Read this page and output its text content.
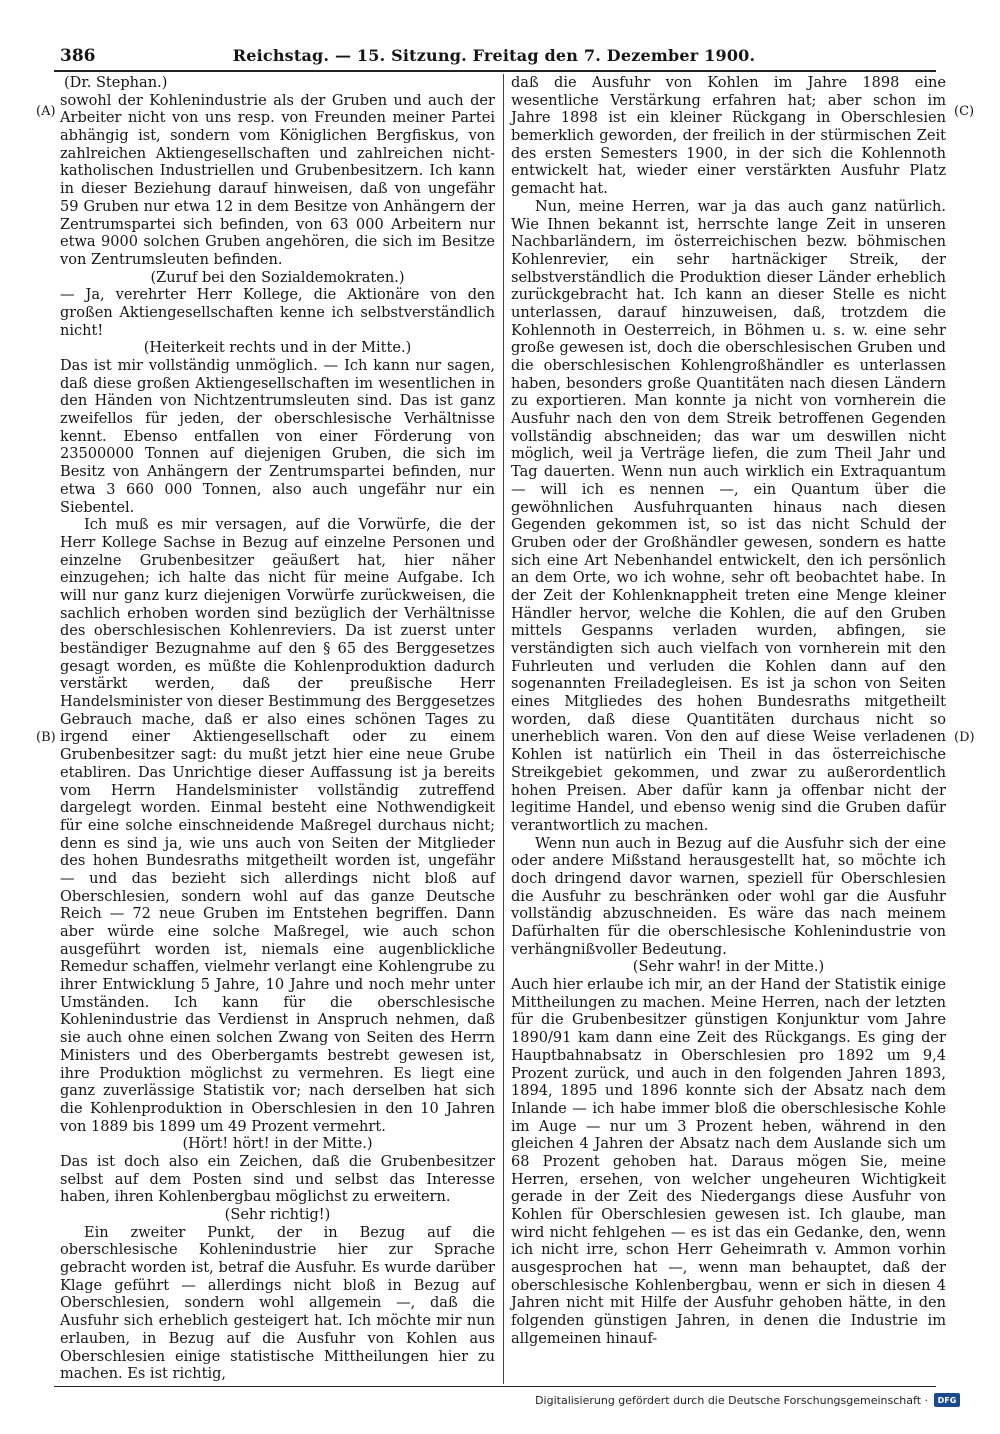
386	Reichstag. — 15. Sitzung. Freitag den 7. Dezember 1900.
(A)
(B)
(C)
(D)

(Dr. Stephan.)

sowohl der Kohlenindustrie als der Gruben und auch der Arbeiter nicht von uns resp. von Freunden meiner Partei abhängig ist, sondern vom Königlichen Bergfiskus, von zahlreichen Aktiengesellschaften und zahlreichen nicht-katholischen Industriellen und Grubenbesitzern. Ich kann in dieser Beziehung darauf hinweisen, daß von ungefähr 59 Gruben nur etwa 12 in dem Besitze von Anhängern der Zentrumspartei sich befinden, von 63 000 Arbeitern nur etwa 9000 solchen Gruben angehören, die sich im Besitze von Zentrumsleuten befinden.

(Zuruf bei den Sozialdemokraten.)

— Ja, verehrter Herr Kollege, die Aktionäre von den großen Aktiengesellschaften kenne ich selbstverständlich nicht!

(Heiterkeit rechts und in der Mitte.)

Das ist mir vollständig unmöglich. — Ich kann nur sagen, daß diese großen Aktiengesellschaften im wesentlichen in den Händen von Nichtzentrumsleuten sind. Das ist ganz zweifellos für jeden, der oberschlesische Verhältnisse kennt. Ebenso entfallen von einer Förderung von 23500000 Tonnen auf diejenigen Gruben, die sich im Besitz von Anhängern der Zentrumspartei befinden, nur etwa 3 660 000 Tonnen, also auch ungefähr nur ein Siebentel.

Ich muß es mir versagen, auf die Vorwürfe, die der Herr Kollege Sachse in Bezug auf einzelne Personen und einzelne Grubenbesitzer geäußert hat, hier näher einzugehen; ich halte das nicht für meine Aufgabe. Ich will nur ganz kurz diejenigen Vorwürfe zurückweisen, die sachlich erhoben worden sind bezüglich der Verhältnisse des oberschlesischen Kohlenreviers. Da ist zuerst unter beständiger Bezugnahme auf den § 65 des Berggesetzes gesagt worden, es müßte die Kohlenproduktion dadurch verstärkt werden, daß der preußische Herr Handelsminister von dieser Bestimmung des Berggesetzes Gebrauch mache, daß er also eines schönen Tages zu irgend einer Aktiengesellschaft oder zu einem Grubenbesitzer sagt: du mußt jetzt hier eine neue Grube etabliren. Das Unrichtige dieser Auffassung ist ja bereits vom Herrn Handelsminister vollständig zutreffend dargelegt worden. Einmal besteht eine Nothwendigkeit für eine solche einschneidende Maßregel durchaus nicht; denn es sind ja, wie uns auch von Seiten der Mitglieder des hohen Bundesraths mitgetheilt worden ist, ungefähr — und das bezieht sich allerdings nicht bloß auf Oberschlesien, sondern wohl auf das ganze Deutsche Reich — 72 neue Gruben im Entstehen begriffen. Dann aber würde eine solche Maßregel, wie auch schon ausgeführt worden ist, niemals eine augenblickliche Remedur schaffen, vielmehr verlangt eine Kohlengrube zu ihrer Entwicklung 5 Jahre, 10 Jahre und noch mehr unter Umständen. Ich kann für die oberschlesische Kohlenindustrie das Verdienst in Anspruch nehmen, daß sie auch ohne einen solchen Zwang von Seiten des Herrn Ministers und des Oberbergamts bestrebt gewesen ist, ihre Produktion möglichst zu vermehren. Es liegt eine ganz zuverlässige Statistik vor; nach derselben hat sich die Kohlenproduktion in Oberschlesien in den 10 Jahren von 1889 bis 1899 um 49 Prozent vermehrt.

(Hört! hört! in der Mitte.)

Das ist doch also ein Zeichen, daß die Grubenbesitzer selbst auf dem Posten sind und selbst das Interesse haben, ihren Kohlenbergbau möglichst zu erweitern.

(Sehr richtig!)

Ein zweiter Punkt, der in Bezug auf die oberschlesische Kohlenindustrie hier zur Sprache gebracht worden ist, betraf die Ausfuhr. Es wurde darüber Klage geführt — allerdings nicht bloß in Bezug auf Oberschlesien, sondern wohl allgemein —, daß die Ausfuhr sich erheblich gesteigert hat. Ich möchte mir nun erlauben, in Bezug auf die Ausfuhr von Kohlen aus Oberschlesien einige statistische Mittheilungen hier zu machen. Es ist richtig,

daß die Ausfuhr von Kohlen im Jahre 1898 eine wesentliche Verstärkung erfahren hat; aber schon im Jahre 1898 ist ein kleiner Rückgang in Oberschlesien bemerklich geworden, der freilich in der stürmischen Zeit des ersten Semesters 1900, in der sich die Kohlennoth entwickelt hat, wieder einer verstärkten Ausfuhr Platz gemacht hat.

Nun, meine Herren, war ja das auch ganz natürlich. Wie Ihnen bekannt ist, herrschte lange Zeit in unseren Nachbarländern, im österreichischen bezw. böhmischen Kohlenrevier, ein sehr hartnäckiger Streik, der selbstverständlich die Produktion dieser Länder erheblich zurückgebracht hat. Ich kann an dieser Stelle es nicht unterlassen, darauf hinzuweisen, daß, trotzdem die Kohlennoth in Oesterreich, in Böhmen u. s. w. eine sehr große gewesen ist, doch die oberschlesischen Gruben und die oberschlesischen Kohlengroßhändler es unterlassen haben, besonders große Quantitäten nach diesen Ländern zu exportieren. Man konnte ja nicht von vornherein die Ausfuhr nach den von dem Streik betroffenen Gegenden vollständig abschneiden; das war um deswillen nicht möglich, weil ja Verträge liefen, die zum Theil Jahr und Tag dauerten. Wenn nun auch wirklich ein Extraquantum — will ich es nennen —, ein Quantum über die gewöhnlichen Ausfuhrquanten hinaus nach diesen Gegenden gekommen ist, so ist das nicht Schuld der Gruben oder der Großhändler gewesen, sondern es hatte sich eine Art Nebenhandel entwickelt, den ich persönlich an dem Orte, wo ich wohne, sehr oft beobachtet habe. In der Zeit der Kohlenknappheit treten eine Menge kleiner Händler hervor, welche die Kohlen, die auf den Gruben mittels Gespanns verladen wurden, abfingen, sie verständigten sich auch vielfach von vornherein mit den Fuhrleuten und verluden die Kohlen dann auf den sogenannten Freiladegleisen. Es ist ja schon von Seiten eines Mitgliedes des hohen Bundesraths mitgetheilt worden, daß diese Quantitäten durchaus nicht so unerheblich waren. Von den auf diese Weise verladenen Kohlen ist natürlich ein Theil in das österreichische Streikgebiet gekommen, und zwar zu außerordentlich hohen Preisen. Aber dafür kann ja offenbar nicht der legitime Handel, und ebenso wenig sind die Gruben dafür verantwortlich zu machen.

Wenn nun auch in Bezug auf die Ausfuhr sich der eine oder andere Mißstand herausgestellt hat, so möchte ich doch dringend davor warnen, speziell für Oberschlesien die Ausfuhr zu beschränken oder wohl gar die Ausfuhr vollständig abzuschneiden. Es wäre das nach meinem Dafürhalten für die oberschlesische Kohlenindustrie von verhängnißvoller Bedeutung.

(Sehr wahr! in der Mitte.)

Auch hier erlaube ich mir, an der Hand der Statistik einige Mittheilungen zu machen. Meine Herren, nach der letzten für die Grubenbesitzer günstigen Konjunktur vom Jahre 1890/91 kam dann eine Zeit des Rückgangs. Es ging der Hauptbahnabsatz in Oberschlesien pro 1892 um 9,4 Prozent zurück, und auch in den folgenden Jahren 1893, 1894, 1895 und 1896 konnte sich der Absatz nach dem Inlande — ich habe immer bloß die oberschlesische Kohle im Auge — nur um 3 Prozent heben, während in den gleichen 4 Jahren der Absatz nach dem Auslande sich um 68 Prozent gehoben hat. Daraus mögen Sie, meine Herren, ersehen, von welcher ungeheuren Wichtigkeit gerade in der Zeit des Niedergangs diese Ausfuhr von Kohlen für Oberschlesien gewesen ist. Ich glaube, man wird nicht fehlgehen — es ist das ein Gedanke, den, wenn ich nicht irre, schon Herr Geheimrath v. Ammon vorhin ausgesprochen hat —, wenn man behauptet, daß der oberschlesische Kohlenbergbau, wenn er sich in diesen 4 Jahren nicht mit Hilfe der Ausfuhr gehoben hätte, in den folgenden günstigen Jahren, in denen die Industrie im allgemeinen hinauf-

Digitalisierung gefördert durch die Deutsche Forschungsgemeinschaft ·	DFG
